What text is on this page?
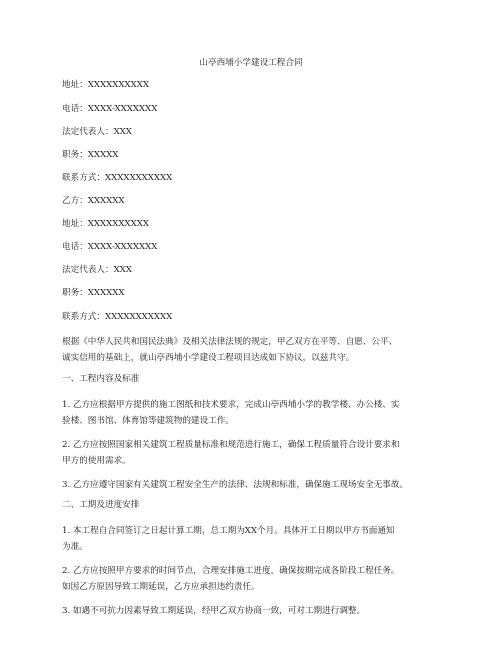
山亭西埔小学建设工程合同
地址：XXXXXXXXXX
电话：XXXX-XXXXXXX
法定代表人：XXX
职务：XXXXX
联系方式：XXXXXXXXXXX
乙方：XXXXXX
地址：XXXXXXXXXX
电话：XXXX-XXXXXXX
法定代表人：XXX
职务：XXXXXX
联系方式：XXXXXXXXXXX
根据《中华人民共和国民法典》及相关法律法规的规定，甲乙双方在平等、自愿、公平、
诚实信用的基础上，就山亭西埔小学建设工程项目达成如下协议，以兹共守。
一、工程内容及标准
1. 乙方应根据甲方提供的施工图纸和技术要求，完成山亭西埔小学的教学楼、办公楼、实
验楼、图书馆、体育馆等建筑物的建设工作。
2. 乙方应按照国家相关建筑工程质量标准和规范进行施工，确保工程质量符合设计要求和
甲方的使用需求。
3. 乙方应遵守国家有关建筑工程安全生产的法律、法规和标准，确保施工现场安全无事故。
二、工期及进度安排
1. 本工程自合同签订之日起计算工期，总工期为XX个月。具体开工日期以甲方书面通知
为准。
2. 乙方应按照甲方要求的时间节点，合理安排施工进度，确保按期完成各阶段工程任务。
如因乙方原因导致工期延误，乙方应承担违约责任。
3. 如遇不可抗力因素导致工期延误，经甲乙双方协商一致，可对工期进行调整。
